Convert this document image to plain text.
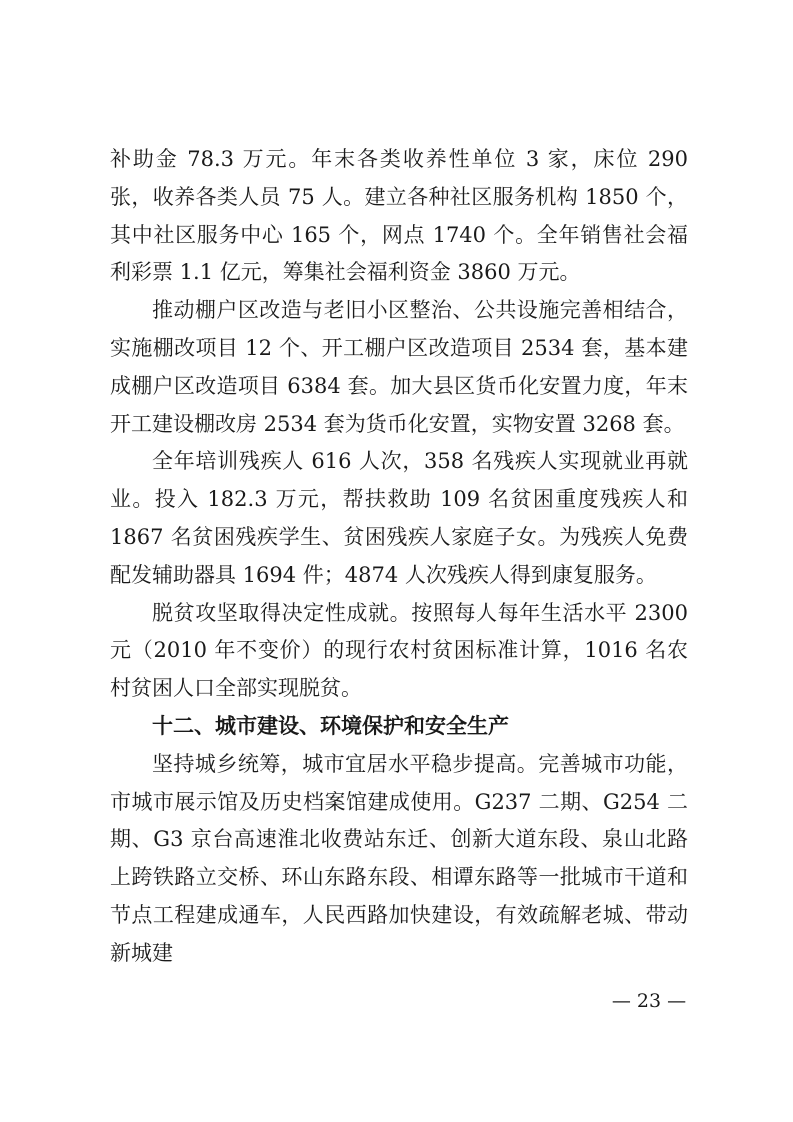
补助金 78.3 万元。年末各类收养性单位 3 家，床位 290 张，收养各类人员 75 人。建立各种社区服务机构 1850 个，其中社区服务中心 165 个，网点 1740 个。全年销售社会福利彩票 1.1 亿元，筹集社会福利资金 3860 万元。

推动棚户区改造与老旧小区整治、公共设施完善相结合，实施棚改项目 12 个、开工棚户区改造项目 2534 套，基本建成棚户区改造项目 6384 套。加大县区货币化安置力度，年末开工建设棚改房 2534 套为货币化安置，实物安置 3268 套。

全年培训残疾人 616 人次，358 名残疾人实现就业再就业。投入 182.3 万元，帮扶救助 109 名贫困重度残疾人和 1867 名贫困残疾学生、贫困残疾人家庭子女。为残疾人免费配发辅助器具 1694 件；4874 人次残疾人得到康复服务。

脱贫攻坚取得决定性成就。按照每人每年生活水平 2300 元（2010 年不变价）的现行农村贫困标准计算，1016 名农村贫困人口全部实现脱贫。

十二、城市建设、环境保护和安全生产

坚持城乡统筹，城市宜居水平稳步提高。完善城市功能，市城市展示馆及历史档案馆建成使用。G237 二期、G254 二期、G3 京台高速淮北收费站东迁、创新大道东段、泉山北路上跨铁路立交桥、环山东路东段、相谭东路等一批城市干道和节点工程建成通车，人民西路加快建设，有效疏解老城、带动新城建

— 23 —
